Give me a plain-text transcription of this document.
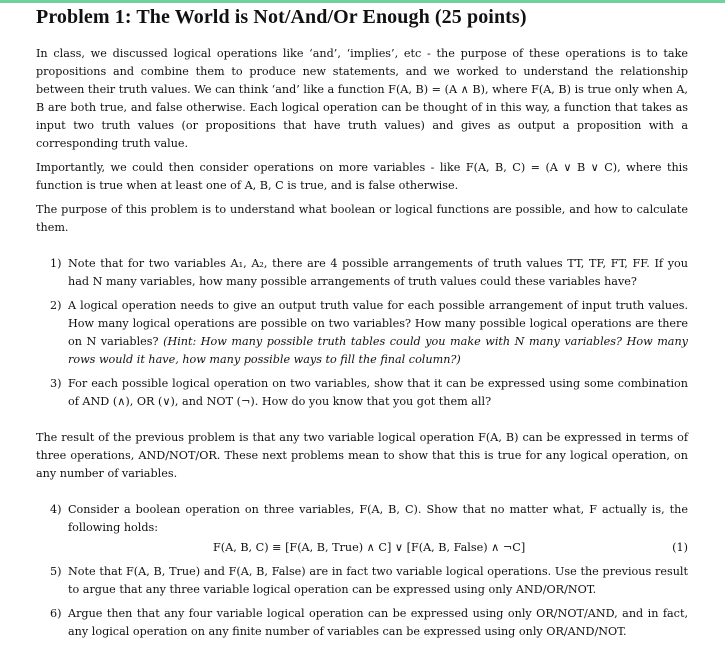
Problem 1: The World is Not/And/Or Enough (25 points)

In class, we discussed logical operations like ‘and’, ‘implies’, etc - the purpose of these operations is to take propositions and combine them to produce new statements, and we worked to understand the relationship between their truth values. We can think ‘and’ like a function F(A, B) = (A ∧ B), where F(A, B) is true only when A, B are both true, and false otherwise. Each logical operation can be thought of in this way, a function that takes as input two truth values (or propositions that have truth values) and gives as output a proposition with a corresponding truth value.

Importantly, we could then consider operations on more variables - like F(A, B, C) = (A ∨ B ∨ C), where this function is true when at least one of A, B, C is true, and is false otherwise.

The purpose of this problem is to understand what boolean or logical functions are possible, and how to calculate them.

1) Note that for two variables A₁, A₂, there are 4 possible arrangements of truth values TT, TF, FT, FF. If you had N many variables, how many possible arrangements of truth values could these variables have?
2) A logical operation needs to give an output truth value for each possible arrangement of input truth values. How many logical operations are possible on two variables? How many possible logical operations are there on N variables? (Hint: How many possible truth tables could you make with N many variables? How many rows would it have, how many possible ways to fill the final column?)
3) For each possible logical operation on two variables, show that it can be expressed using some combination of AND (∧), OR (∨), and NOT (¬). How do you know that you got them all?

The result of the previous problem is that any two variable logical operation F(A, B) can be expressed in terms of three operations, AND/NOT/OR. These next problems mean to show that this is true for any logical operation, on any number of variables.

4) Consider a boolean operation on three variables, F(A, B, C). Show that no matter what, F actually is, the following holds:
F(A, B, C) ≡ [F(A, B, True) ∧ C] ∨ [F(A, B, False) ∧ ¬C]	(1)
5) Note that F(A, B, True) and F(A, B, False) are in fact two variable logical operations. Use the previous result to argue that any three variable logical operation can be expressed using only AND/OR/NOT.
6) Argue then that any four variable logical operation can be expressed using only OR/NOT/AND, and in fact, any logical operation on any finite number of variables can be expressed using only OR/AND/NOT.
